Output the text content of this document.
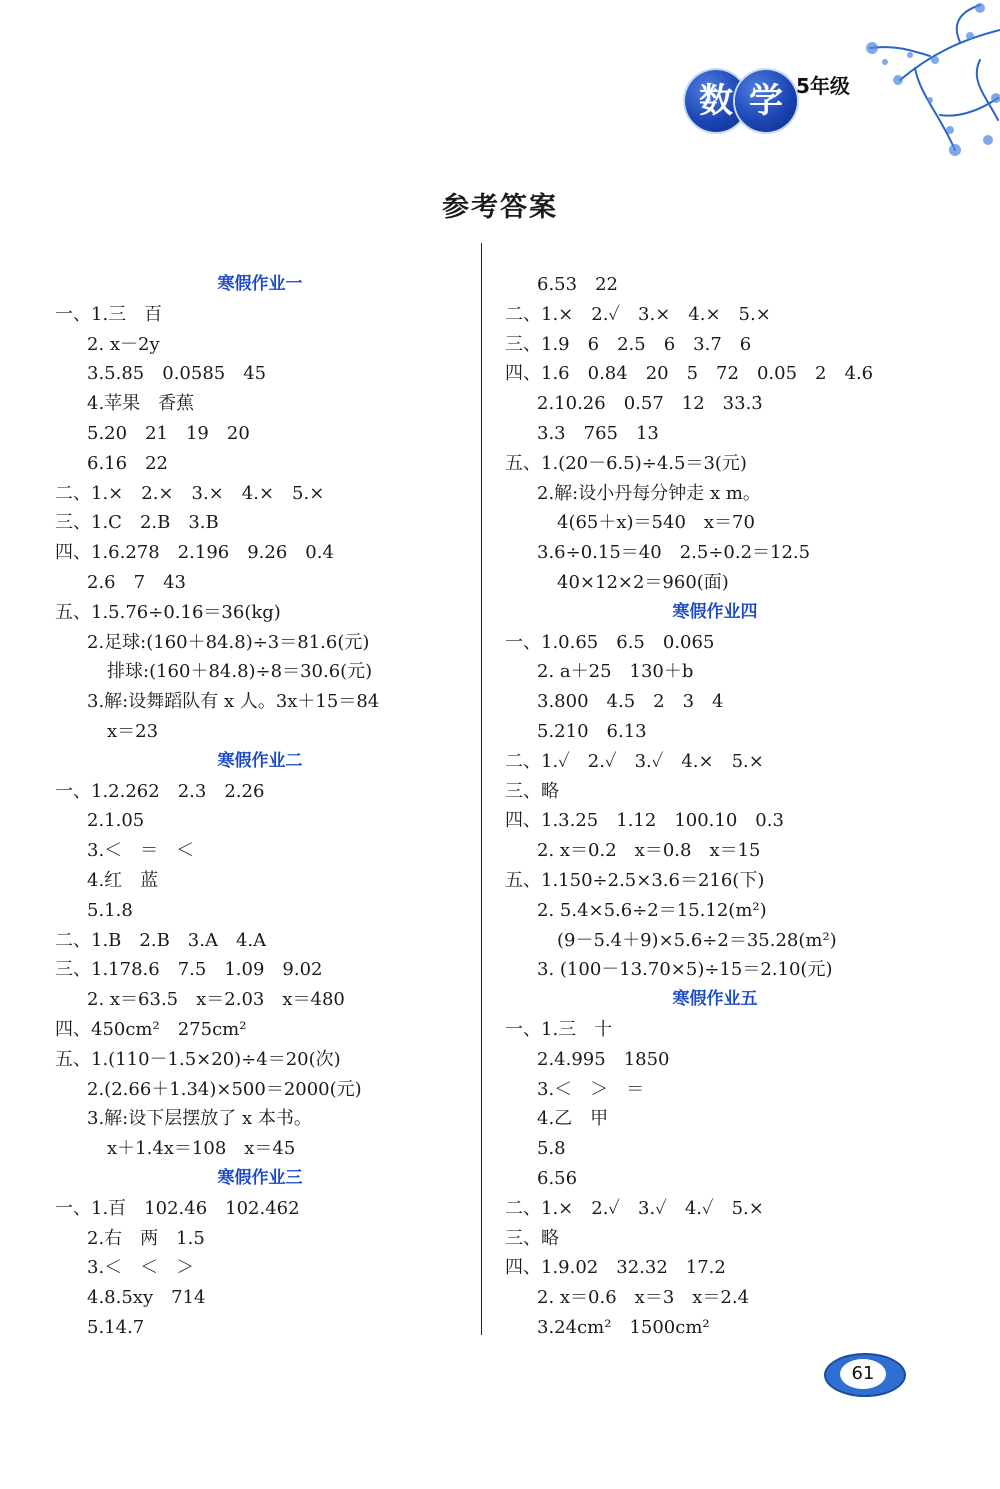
数 学 5年级
参考答案
寒假作业一
一、1.三　百
2. x－2y
3.5.85　0.0585　45
4.苹果　香蕉
5.20　21　19　20
6.16　22
二、1.×　2.×　3.×　4.×　5.×
三、1.C　2.B　3.B
四、1.6.278　2.196　9.26　0.4
2.6　7　43
五、1.5.76÷0.16＝36(kg)
2.足球:(160＋84.8)÷3＝81.6(元)
排球:(160＋84.8)÷8＝30.6(元)
3.解:设舞蹈队有 x 人。3x＋15＝84
x＝23
寒假作业二
一、1.2.262　2.3　2.26
2.1.05
3.＜　＝　＜
4.红　蓝
5.1.8
二、1.B　2.B　3.A　4.A
三、1.178.6　7.5　1.09　9.02
2. x＝63.5　x＝2.03　x＝480
四、450cm²　275cm²
五、1.(110－1.5×20)÷4＝20(次)
2.(2.66＋1.34)×500＝2000(元)
3.解:设下层摆放了 x 本书。
x＋1.4x＝108　x＝45
寒假作业三
一、1.百　102.46　102.462
2.右　两　1.5
3.＜　＜　＞
4.8.5xy　714
5.14.7
6.53　22
二、1.×　2.✓　3.×　4.×　5.×
三、1.9　6　2.5　6　3.7　6
四、1.6　0.84　20　5　72　0.05　2　4.6
2.10.26　0.57　12　33.3̇
3.3　765　13
五、1.(20－6.5)÷4.5＝3(元)
2.解:设小丹每分钟走 x m。
4(65＋x)＝540　x＝70
3.6÷0.15＝40　2.5÷0.2＝12.5
40×12×2＝960(面)
寒假作业四
一、1.0.65　6.5　0.065
2. a＋25　130＋b
3.800　4.5　2　3　4
5.210　6.13
二、1.✓　2.✓　3.✓　4.×　5.×
三、略
四、1.3.25　1.12　100.10　0.3
2. x＝0.2　x＝0.8　x＝15
五、1.150÷2.5×3.6＝216(下)
2. 5.4×5.6÷2＝15.12(m²)
(9－5.4＋9)×5.6÷2＝35.28(m²)
3. (100－13.70×5)÷15＝2.10(元)
寒假作业五
一、1.三　十
2.4.995　1850
3.＜　＞　＝
4.乙　甲
5.8
6.56
二、1.×　2.✓　3.✓　4.✓　5.×
三、略
四、1.9.02　32.32　17.2
2. x＝0.6　x＝3　x＝2.4
3.24cm²　1500cm²
61
